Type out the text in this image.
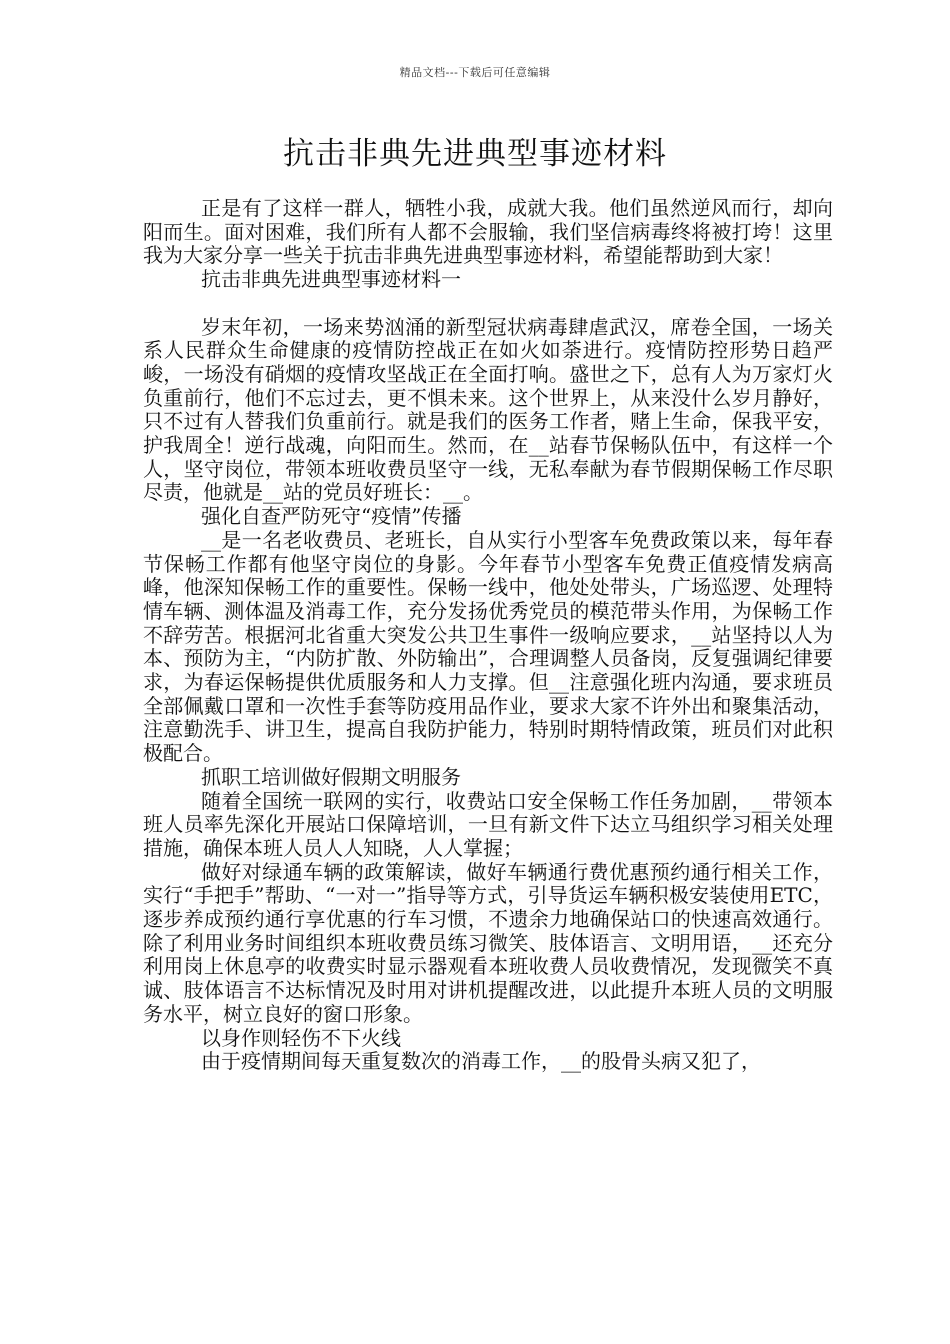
精品文档---下载后可任意编辑
抗击非典先进典型事迹材料

正是有了这样一群人，牺牲小我，成就大我。他们虽然逆风而行，却向阳而生。面对困难，我们所有人都不会服输，我们坚信病毒终将被打垮！这里我为大家分享一些关于抗击非典先进典型事迹材料，希望能帮助到大家！

抗击非典先进典型事迹材料一

岁末年初，一场来势汹涌的新型冠状病毒肆虐武汉，席卷全国，一场关系人民群众生命健康的疫情防控战正在如火如荼进行。疫情防控形势日趋严峻，一场没有硝烟的疫情攻坚战正在全面打响。盛世之下，总有人为万家灯火负重前行，他们不忘过去，更不惧未来。这个世界上，从来没什么岁月静好，只不过有人替我们负重前行。就是我们的医务工作者，赌上生命，保我平安，护我周全！逆行战魂，向阳而生。然而，在__站春节保畅队伍中，有这样一个人，坚守岗位，带领本班收费员坚守一线，无私奉献为春节假期保畅工作尽职尽责，他就是__站的党员好班长：__。

强化自查严防死守“疫情”传播

__是一名老收费员、老班长，自从实行小型客车免费政策以来，每年春节保畅工作都有他坚守岗位的身影。今年春节小型客车免费正值疫情发病高峰，他深知保畅工作的重要性。保畅一线中，他处处带头，广场巡逻、处理特情车辆、测体温及消毒工作，充分发扬优秀党员的模范带头作用，为保畅工作不辞劳苦。根据河北省重大突发公共卫生事件一级响应要求，__站坚持以人为本、预防为主，“内防扩散、外防输出”，合理调整人员备岗，反复强调纪律要求，为春运保畅提供优质服务和人力支撑。但__注意强化班内沟通，要求班员全部佩戴口罩和一次性手套等防疫用品作业，要求大家不许外出和聚集活动，注意勤洗手、讲卫生，提高自我防护能力，特别时期特情政策，班员们对此积极配合。

抓职工培训做好假期文明服务

随着全国统一联网的实行，收费站口安全保畅工作任务加剧，__带领本班人员率先深化开展站口保障培训，一旦有新文件下达立马组织学习相关处理措施，确保本班人员人人知晓，人人掌握；

做好对绿通车辆的政策解读，做好车辆通行费优惠预约通行相关工作，实行“手把手”帮助、“一对一”指导等方式，引导货运车辆积极安装使用ETC，逐步养成预约通行享优惠的行车习惯，不遗余力地确保站口的快速高效通行。除了利用业务时间组织本班收费员练习微笑、肢体语言、文明用语，__还充分利用岗上休息亭的收费实时显示器观看本班收费人员收费情况，发现微笑不真诚、肢体语言不达标情况及时用对讲机提醒改进，以此提升本班人员的文明服务水平，树立良好的窗口形象。

以身作则轻伤不下火线

由于疫情期间每天重复数次的消毒工作，__的股骨头病又犯了，
